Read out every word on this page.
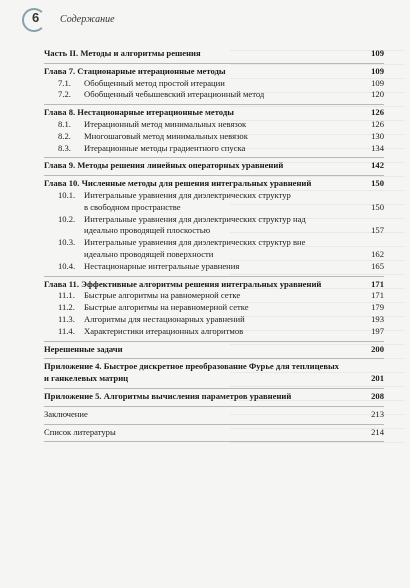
6 Содержание
Часть II. Методы и алгоритмы решения	109
Глава 7. Стационарные итерационные методы	109
7.1.	Обобщенный метод простой итерации	109
7.2.	Обобщенный чебышевский итерационный метод	120
Глава 8. Нестационарные итерационные методы	126
8.1.	Итерационный метод минимальных невязок	126
8.2.	Многошаговый метод минимальных невязок	130
8.3.	Итерационные методы градиентного спуска	134
Глава 9. Методы решения линейных операторных уравнений	142
Глава 10. Численные методы для решения интегральных уравнений	150
10.1.	Интегральные уравнения для диэлектрических структур
в свободном пространстве	150
10.2.	Интегральные уравнения для диэлектрических структур над
идеально проводящей плоскостью	157
10.3.	Интегральные уравнения для диэлектрических структур вне
идеально проводящей поверхности	162
10.4.	Нестационарные интегральные уравнения	165
Глава 11. Эффективные алгоритмы решения интегральных уравнений	171
11.1.	Быстрые алгоритмы на равномерной сетке	171
11.2.	Быстрые алгоритмы на неравномерной сетке	179
11.3.	Алгоритмы для нестационарных уравнений	193
11.4.	Характеристики итерационных алгоритмов	197
Нерешенные задачи	200
Приложение 4. Быстрое дискретное преобразование Фурье для теплицевых
и ганкелевых матриц	201
Приложение 5. Алгоритмы вычисления параметров уравнений	208
Заключение	213
Список литературы	214
